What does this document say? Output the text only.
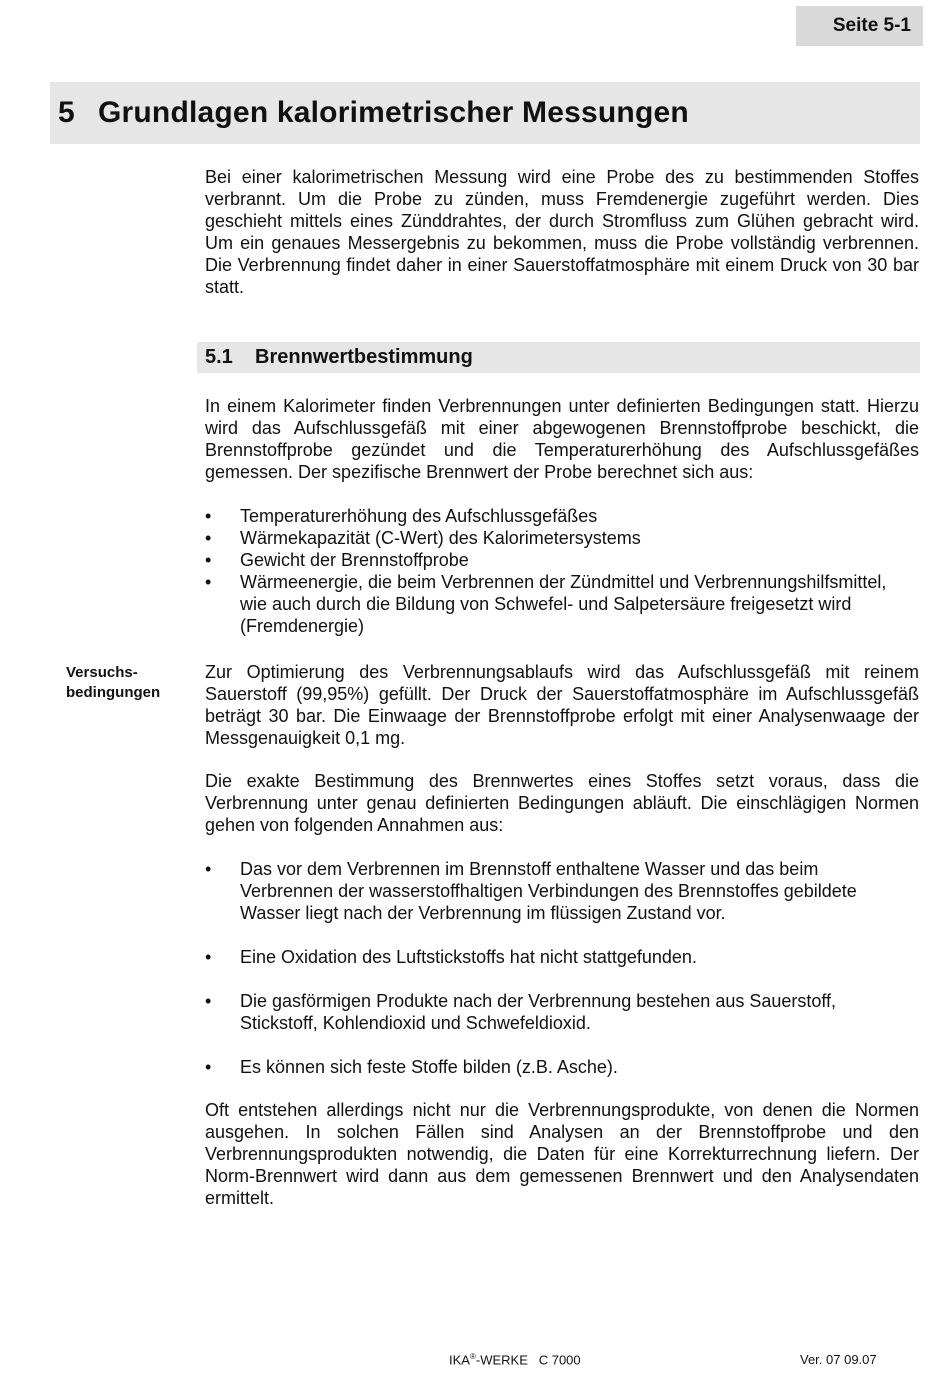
Seite 5-1
5 Grundlagen kalorimetrischer Messungen

Bei einer kalorimetrischen Messung wird eine Probe des zu bestimmenden Stoffes verbrannt. Um die Probe zu zünden, muss Fremdenergie zugeführt werden. Dies geschieht mittels eines Zünddrahtes, der durch Stromfluss zum Glühen gebracht wird. Um ein genaues Messergebnis zu bekommen, muss die Probe vollständig verbrennen. Die Verbrennung findet daher in einer Sauerstoffatmosphäre mit einem Druck von 30 bar statt.

5.1	Brennwertbestimmung

In einem Kalorimeter finden Verbrennungen unter definierten Bedingungen statt. Hierzu wird das Aufschlussgefäß mit einer abgewogenen Brennstoffprobe beschickt, die Brennstoffprobe gezündet und die Temperaturerhöhung des Aufschlussgefäßes gemessen. Der spezifische Brennwert der Probe berechnet sich aus:

• Temperaturerhöhung des Aufschlussgefäßes
• Wärmekapazität (C-Wert) des Kalorimetersystems
• Gewicht der Brennstoffprobe
• Wärmeenergie, die beim Verbrennen der Zündmittel und Verbrennungshilfsmittel, wie auch durch die Bildung von Schwefel- und Salpetersäure freigesetzt wird (Fremdenergie)
Versuchs-
bedingungen

Zur Optimierung des Verbrennungsablaufs wird das Aufschlussgefäß mit reinem Sauerstoff (99,95%) gefüllt. Der Druck der Sauerstoffatmosphäre im Aufschlussgefäß beträgt 30 bar. Die Einwaage der Brennstoffprobe erfolgt mit einer Analysenwaage der Messgenauigkeit 0,1 mg.

Die exakte Bestimmung des Brennwertes eines Stoffes setzt voraus, dass die Verbrennung unter genau definierten Bedingungen abläuft. Die einschlägigen Normen gehen von folgenden Annahmen aus:

• Das vor dem Verbrennen im Brennstoff enthaltene Wasser und das beim Verbrennen der wasserstoffhaltigen Verbindungen des Brennstoffes gebildete Wasser liegt nach der Verbrennung im flüssigen Zustand vor.
• Eine Oxidation des Luftstickstoffs hat nicht stattgefunden.
• Die gasförmigen Produkte nach der Verbrennung bestehen aus Sauerstoff, Stickstoff, Kohlendioxid und Schwefeldioxid.
• Es können sich feste Stoffe bilden (z.B. Asche).

Oft entstehen allerdings nicht nur die Verbrennungsprodukte, von denen die Normen ausgehen. In solchen Fällen sind Analysen an der Brennstoffprobe und den Verbrennungsprodukten notwendig, die Daten für eine Korrekturrechnung liefern. Der Norm-Brennwert wird dann aus dem gemessenen Brennwert und den Analysendaten ermittelt.

IKA®-WERKE   C 7000	Ver. 07 09.07
